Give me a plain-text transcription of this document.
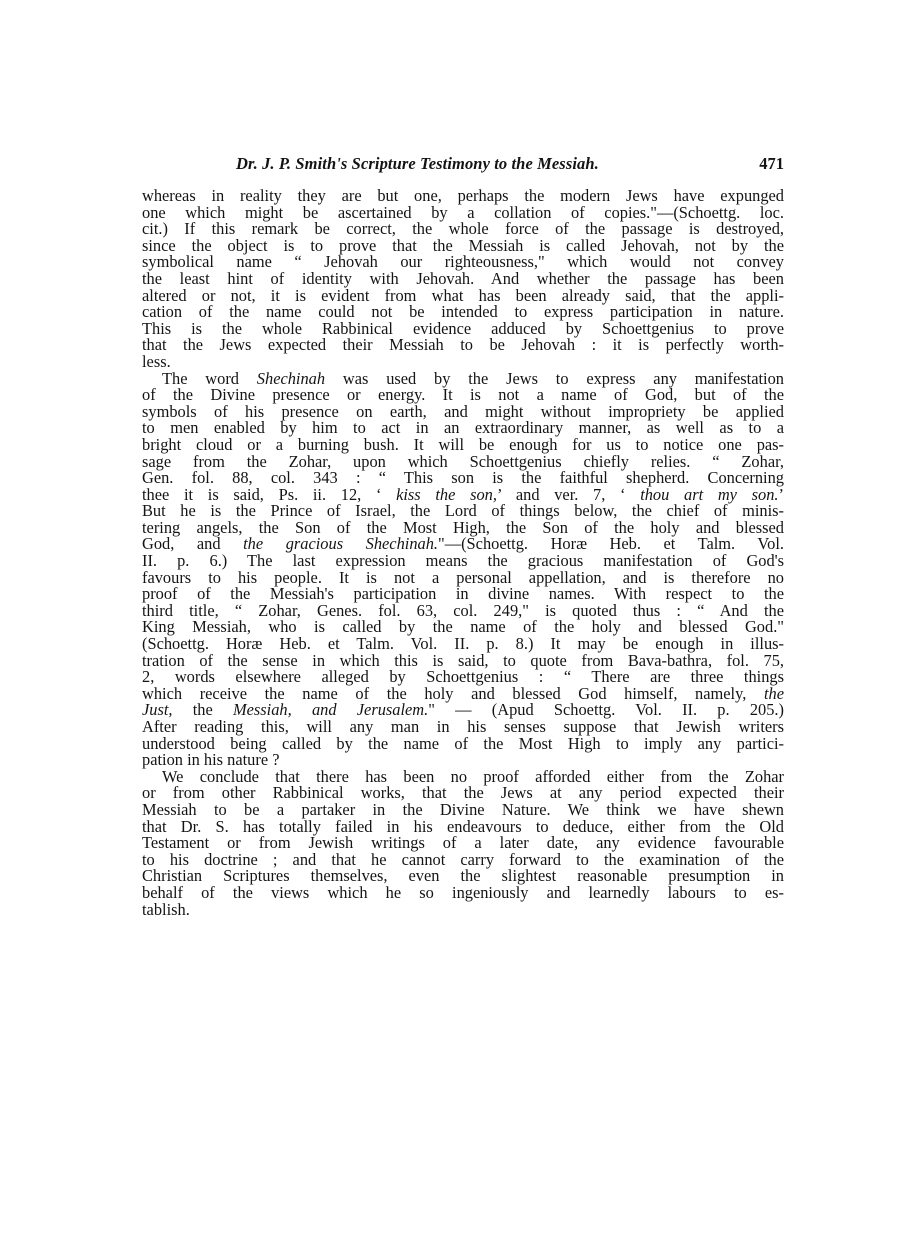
Dr. J. P. Smith's Scripture Testimony to the Messiah.	471
whereas in reality they are but one, perhaps the modern Jews have expunged
one which might be ascertained by a collation of copies."—(Schoettg. loc.
cit.) If this remark be correct, the whole force of the passage is destroyed,
since the object is to prove that the Messiah is called Jehovah, not by the
symbolical name “ Jehovah our righteousness," which would not convey
the least hint of identity with Jehovah. And whether the passage has been
altered or not, it is evident from what has been already said, that the appli-
cation of the name could not be intended to express participation in nature.
This is the whole Rabbinical evidence adduced by Schoettgenius to prove
that the Jews expected their Messiah to be Jehovah : it is perfectly worth-
less.
The word Shechinah was used by the Jews to express any manifestation
of the Divine presence or energy. It is not a name of God, but of the
symbols of his presence on earth, and might without impropriety be applied
to men enabled by him to act in an extraordinary manner, as well as to a
bright cloud or a burning bush. It will be enough for us to notice one pas-
sage from the Zohar, upon which Schoettgenius chiefly relies. “ Zohar,
Gen. fol. 88, col. 343 : “ This son is the faithful shepherd. Concerning
thee it is said, Ps. ii. 12, ‘ kiss the son,’ and ver. 7, ‘ thou art my son.’
But he is the Prince of Israel, the Lord of things below, the chief of minis-
tering angels, the Son of the Most High, the Son of the holy and blessed
God, and the gracious Shechinah."—(Schoettg. Horæ Heb. et Talm. Vol.
II. p. 6.) The last expression means the gracious manifestation of God's
favours to his people. It is not a personal appellation, and is therefore no
proof of the Messiah's participation in divine names. With respect to the
third title, “ Zohar, Genes. fol. 63, col. 249," is quoted thus : “ And the
King Messiah, who is called by the name of the holy and blessed God."
(Schoettg. Horæ Heb. et Talm. Vol. II. p. 8.) It may be enough in illus-
tration of the sense in which this is said, to quote from Bava-bathra, fol. 75,
2, words elsewhere alleged by Schoettgenius : “ There are three things
which receive the name of the holy and blessed God himself, namely, the
Just, the Messiah, and Jerusalem." — (Apud Schoettg. Vol. II. p. 205.)
After reading this, will any man in his senses suppose that Jewish writers
understood being called by the name of the Most High to imply any partici-
pation in his nature ?
We conclude that there has been no proof afforded either from the Zohar
or from other Rabbinical works, that the Jews at any period expected their
Messiah to be a partaker in the Divine Nature. We think we have shewn
that Dr. S. has totally failed in his endeavours to deduce, either from the Old
Testament or from Jewish writings of a later date, any evidence favourable
to his doctrine ; and that he cannot carry forward to the examination of the
Christian Scriptures themselves, even the slightest reasonable presumption in
behalf of the views which he so ingeniously and learnedly labours to es-
tablish.
